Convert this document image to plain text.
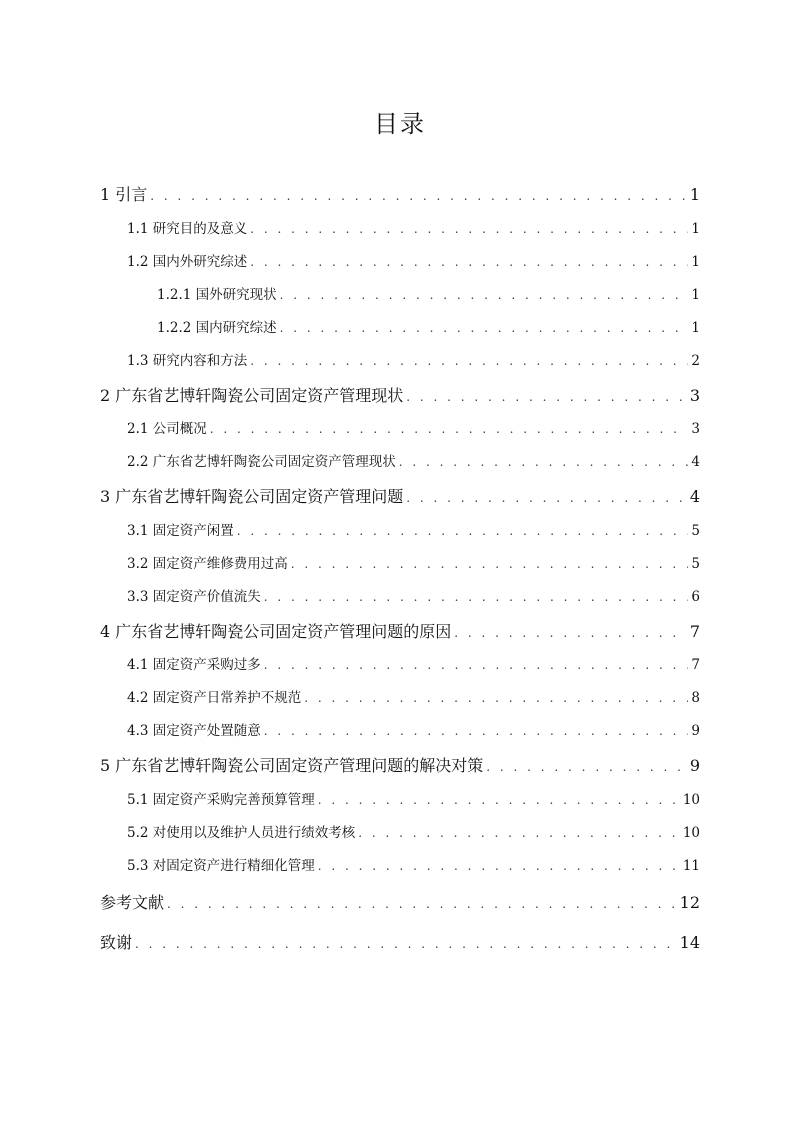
目录
1 引言 . . .	1
1.1 研究目的及意义 . . .	1
1.2 国内外研究综述 . . .	1
1.2.1 国外研究现状 . . .	1
1.2.2 国内研究综述 . . .	1
1.3 研究内容和方法 . . .	2
2 广东省艺博轩陶瓷公司固定资产管理现状 . . .	3
2.1 公司概况 . . .	3
2.2 广东省艺博轩陶瓷公司固定资产管理现状 . . .	4
3 广东省艺博轩陶瓷公司固定资产管理问题 . . .	4
3.1 固定资产闲置 . . .	5
3.2 固定资产维修费用过高 . . .	5
3.3 固定资产价值流失 . . .	6
4 广东省艺博轩陶瓷公司固定资产管理问题的原因 . . .	7
4.1 固定资产采购过多 . . .	7
4.2 固定资产日常养护不规范 . . .	8
4.3 固定资产处置随意 . . .	9
5 广东省艺博轩陶瓷公司固定资产管理问题的解决对策 . . .	9
5.1 固定资产采购完善预算管理 . . .	10
5.2 对使用以及维护人员进行绩效考核 . . .	10
5.3 对固定资产进行精细化管理 . . .	11
参考文献 . . .	12
致谢 . . .	14
